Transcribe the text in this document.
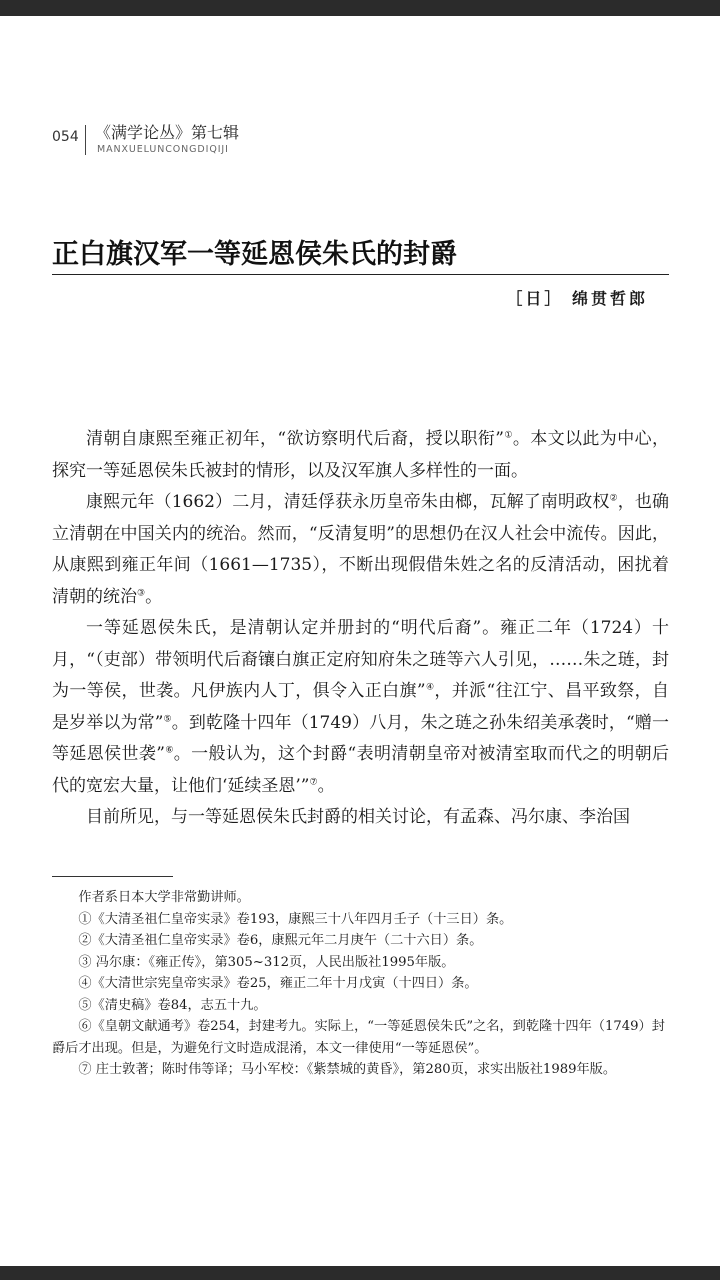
054 《满学论丛》第七辑
MANXUELUNCONGDIQIJI
正白旗汉军一等延恩侯朱氏的封爵
［日］ 绵贯哲郎

清朝自康熙至雍正初年，“欲访察明代后裔，授以职衔”①。本文以此为中心，探究一等延恩侯朱氏被封的情形，以及汉军旗人多样性的一面。

康熙元年（1662）二月，清廷俘获永历皇帝朱由榔，瓦解了南明政权②，也确立清朝在中国关内的统治。然而，“反清复明”的思想仍在汉人社会中流传。因此，从康熙到雍正年间（1661—1735），不断出现假借朱姓之名的反清活动，困扰着清朝的统治③。

一等延恩侯朱氏，是清朝认定并册封的“明代后裔”。雍正二年（1724）十月，“（吏部）带领明代后裔镶白旗正定府知府朱之琏等六人引见，……朱之琏，封为一等侯，世袭。凡伊族内人丁，俱令入正白旗”④，并派“往江宁、昌平致祭，自是岁举以为常”⑤。到乾隆十四年（1749）八月，朱之琏之孙朱绍美承袭时，“赠一等延恩侯世袭”⑥。一般认为，这个封爵“表明清朝皇帝对被清室取而代之的明朝后代的宽宏大量，让他们‘延续圣恩’”⑦。

目前所见，与一等延恩侯朱氏封爵的相关讨论，有孟森、冯尔康、李治国

作者系日本大学非常勤讲师。

①《大清圣祖仁皇帝实录》卷193，康熙三十八年四月壬子（十三日）条。

②《大清圣祖仁皇帝实录》卷6，康熙元年二月庚午（二十六日）条。

③ 冯尔康：《雍正传》，第305~312页，人民出版社1995年版。

④《大清世宗宪皇帝实录》卷25，雍正二年十月戊寅（十四日）条。

⑤《清史稿》卷84，志五十九。

⑥《皇朝文献通考》卷254，封建考九。实际上，“一等延恩侯朱氏”之名，到乾隆十四年（1749）封爵后才出现。但是，为避免行文时造成混淆，本文一律使用“一等延恩侯”。

⑦ 庄士敦著；陈时伟等译；马小军校：《紫禁城的黄昏》，第280页，求实出版社1989年版。
